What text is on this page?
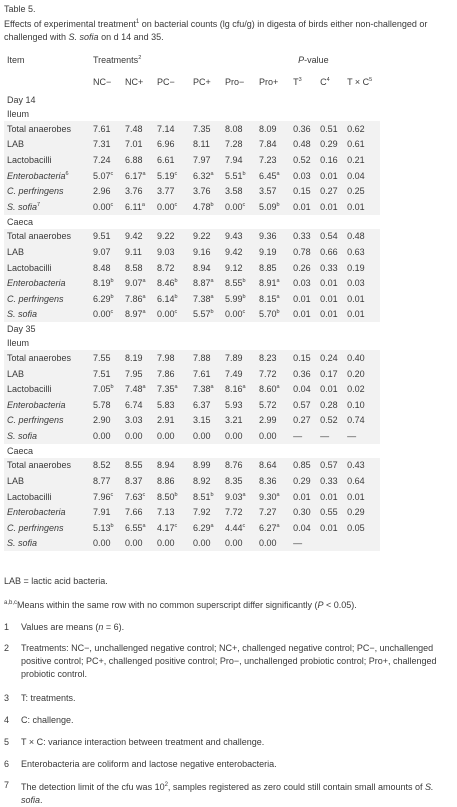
Table 5.
Effects of experimental treatment$^1$ on bacterial counts (lg cfu/g) in digesta of birds either non-challenged or challenged with S. sofia on d 14 and 35.
Item	Treatments$^2$						P-value		
	NC−	NC+	PC−	PC+	Pro−	Pro+	$T^3$	$C^4$	$T \times C^5$
Day 14									
Ileum									
Total anaerobes	7.61	7.48	7.14	7.35	8.08	8.09	0.36	0.51	0.62
LAB	7.31	7.01	6.96	8.11	7.28	7.84	0.48	0.29	0.61
Lactobacilli	7.24	6.88	6.61	7.97	7.94	7.23	0.52	0.16	0.21
Enterobacteria$^6$	5.07$^c$	6.17$^a$	5.19$^c$	6.32$^a$	5.51$^b$	6.45$^a$	0.03	0.01	0.04
C. perfringens	2.96	3.76	3.77	3.76	3.58	3.57	0.15	0.27	0.25
S. sofia$^7$	0.00$^c$	6.11$^a$	0.00$^c$	4.78$^b$	0.00$^c$	5.09$^b$	0.01	0.01	0.01
Caeca									
Total anaerobes	9.51	9.42	9.22	9.22	9.43	9.36	0.33	0.54	0.48
LAB	9.07	9.11	9.03	9.16	9.42	9.19	0.78	0.66	0.63
Lactobacilli	8.48	8.58	8.72	8.94	9.12	8.85	0.26	0.33	0.19
Enterobacteria	8.19$^b$	9.07$^a$	8.46$^b$	8.87$^a$	8.55$^b$	8.91$^a$	0.03	0.01	0.03
C. perfringens	6.29$^b$	7.86$^a$	6.14$^b$	7.38$^a$	5.99$^b$	8.15$^a$	0.01	0.01	0.01
S. sofia	0.00$^c$	8.97$^a$	0.00$^c$	5.57$^b$	0.00$^c$	5.70$^b$	0.01	0.01	0.01
Day 35									
Ileum									
Total anaerobes	7.55	8.19	7.98	7.88	7.89	8.23	0.15	0.24	0.40
LAB	7.51	7.95	7.86	7.61	7.49	7.72	0.36	0.17	0.20
Lactobacilli	7.05$^b$	7.48$^a$	7.35$^a$	7.38$^a$	8.16$^a$	8.60$^a$	0.04	0.01	0.02
Enterobacteria	5.78	6.74	5.83	6.37	5.93	5.72	0.57	0.28	0.10
C. perfringens	2.90	3.03	2.91	3.15	3.21	2.99	0.27	0.52	0.74
S. sofia	0.00	0.00	0.00	0.00	0.00	0.00	—	—	—
Caeca									
Total anaerobes	8.52	8.55	8.94	8.99	8.76	8.64	0.85	0.57	0.43
LAB	8.77	8.37	8.86	8.92	8.35	8.36	0.29	0.33	0.64
Lactobacilli	7.96$^c$	7.63$^c$	8.50$^b$	8.51$^b$	9.03$^a$	9.30$^a$	0.01	0.01	0.01
Enterobacteria	7.91	7.66	7.13	7.92	7.72	7.27	0.30	0.55	0.29
C. perfringens	5.13$^b$	6.55$^a$	4.17$^c$	6.29$^a$	4.44$^c$	6.27$^a$	0.04	0.01	0.05
S. sofia	0.00	0.00	0.00	0.00	0.00	0.00	—		
LAB = lactic acid bacteria.
$^{a,b,c}$Means within the same row with no common superscript differ significantly (P < 0.05).
1	Values are means (n = 6).
2	Treatments: NC−, unchallenged negative control; NC+, challenged negative control; PC−, unchallenged positive control; PC+, challenged positive control; Pro−, unchallenged probiotic control; Pro+, challenged probiotic control.
3	T: treatments.
4	C: challenge.
5	T × C: variance interaction between treatment and challenge.
6	Enterobacteria are coliform and lactose negative enterobacteria.
7	The detection limit of the cfu was $10^2$, samples registered as zero could still contain small amounts of S. sofia.
